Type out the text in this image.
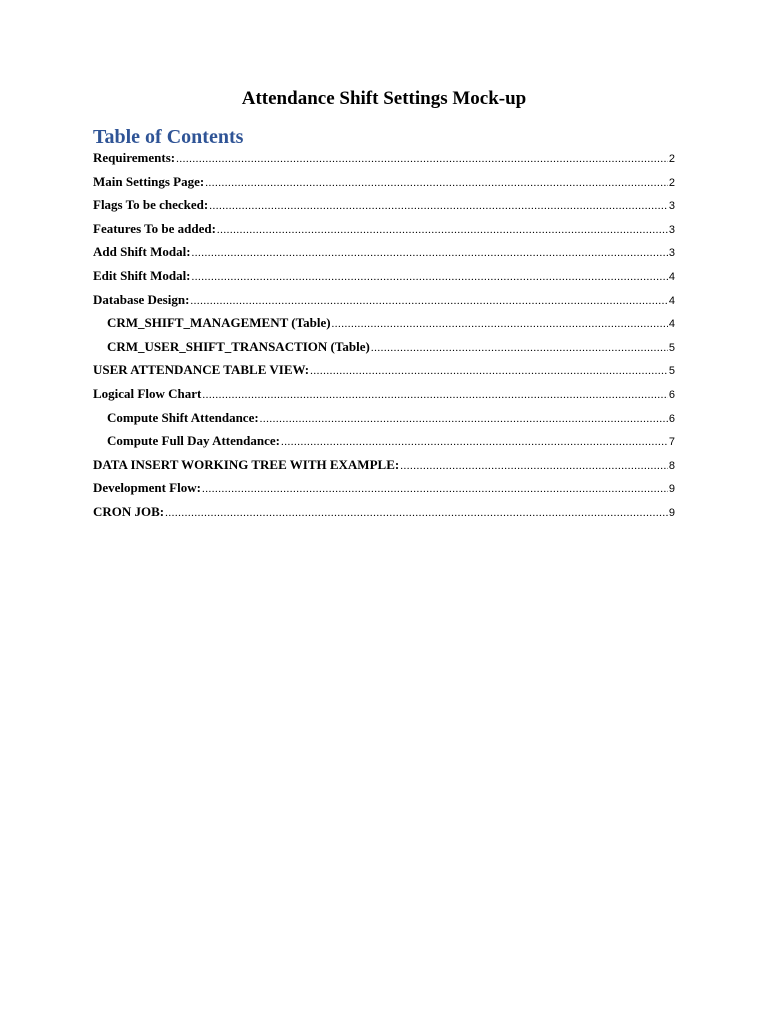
Attendance Shift Settings Mock-up
Table of Contents
Requirements: .....	2
Main Settings Page: .....	2
Flags To be checked: .....	3
Features To be added: .....	3
Add Shift Modal: .....	3
Edit Shift Modal: .....	4
Database Design: .....	4
CRM_SHIFT_MANAGEMENT (Table) .....	4
CRM_USER_SHIFT_TRANSACTION (Table) .....	5
USER ATTENDANCE TABLE VIEW: .....	5
Logical Flow Chart .....	6
Compute Shift Attendance: .....	6
Compute Full Day Attendance: .....	7
DATA INSERT WORKING TREE WITH EXAMPLE: .....	8
Development Flow: .....	9
CRON JOB: .....	9
